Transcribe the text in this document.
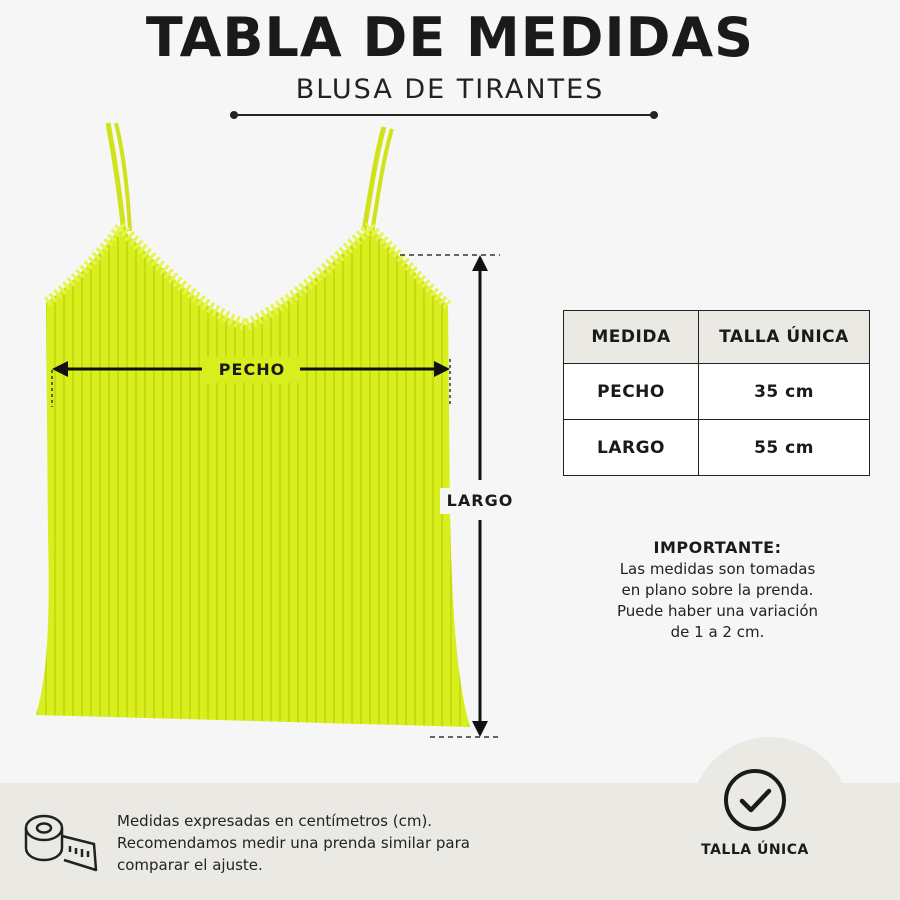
TABLA DE MEDIDAS
BLUSA DE TIRANTES
PECHO
LARGO
MEDIDA	TALLA ÚNICA
PECHO	35 cm
LARGO	55 cm
IMPORTANTE:
Las medidas son tomadas
en plano sobre la prenda.
Puede haber una variación
de 1 a 2 cm.
TALLA ÚNICA
Medidas expresadas en centímetros (cm).
Recomendamos medir una prenda similar para
comparar el ajuste.
